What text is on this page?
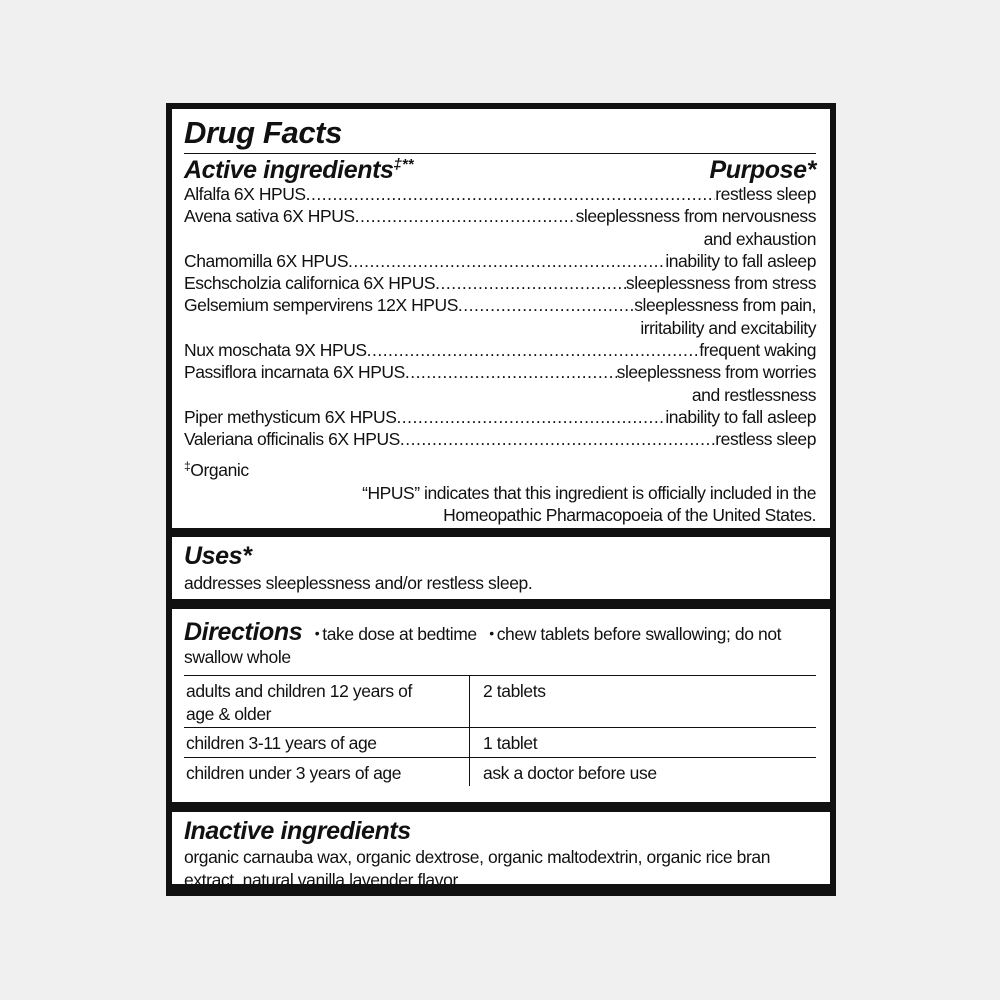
Drug Facts
Active ingredients‡**	Purpose*
Alfalfa 6X HPUS .....	restless sleep
Avena sativa 6X HPUS .....	sleeplessness from nervousness
and exhaustion
Chamomilla 6X HPUS .....	inability to fall asleep
Eschscholzia californica 6X HPUS .....	sleeplessness from stress
Gelsemium sempervirens 12X HPUS .....	sleeplessness from pain,
irritability and excitability
Nux moschata 9X HPUS .....	frequent waking
Passiflora incarnata 6X HPUS .....	sleeplessness from worries
and restlessness
Piper methysticum 6X HPUS .....	inability to fall asleep
Valeriana officinalis 6X HPUS .....	restless sleep
‡Organic
“HPUS” indicates that this ingredient is officially included in the
Homeopathic Pharmacopoeia of the United States.
Uses*
addresses sleeplessness and/or restless sleep.
Directions • take dose at bedtime • chew tablets before swallowing; do not swallow whole
adults and children 12 years of age & older	2 tablets
children 3-11 years of age	1 tablet
children under 3 years of age	ask a doctor before use
Inactive ingredients
organic carnauba wax, organic dextrose, organic maltodextrin, organic rice bran extract, natural vanilla lavender flavor
